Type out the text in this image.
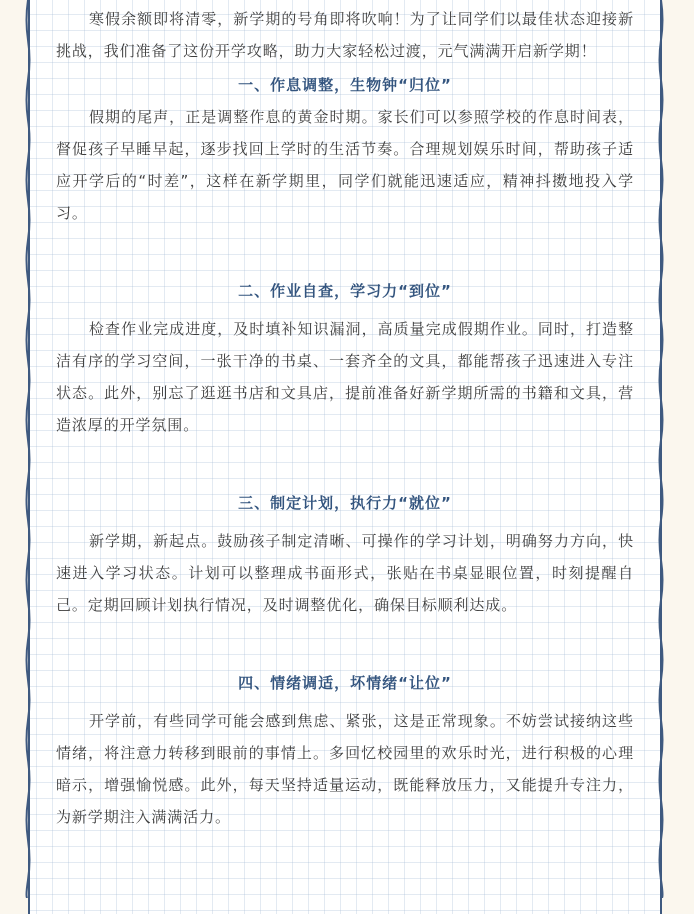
寒假余额即将清零，新学期的号角即将吹响！为了让同学们以最佳状态迎接新挑战，我们准备了这份开学攻略，助力大家轻松过渡，元气满满开启新学期！

一、作息调整，生物钟“归位”

假期的尾声，正是调整作息的黄金时期。家长们可以参照学校的作息时间表，督促孩子早睡早起，逐步找回上学时的生活节奏。合理规划娱乐时间，帮助孩子适应开学后的“时差”，这样在新学期里，同学们就能迅速适应，精神抖擞地投入学习。

二、作业自查，学习力“到位”

检查作业完成进度，及时填补知识漏洞，高质量完成假期作业。同时，打造整洁有序的学习空间，一张干净的书桌、一套齐全的文具，都能帮孩子迅速进入专注状态。此外，别忘了逛逛书店和文具店，提前准备好新学期所需的书籍和文具，营造浓厚的开学氛围。

三、制定计划，执行力“就位”

新学期，新起点。鼓励孩子制定清晰、可操作的学习计划，明确努力方向，快速进入学习状态。计划可以整理成书面形式，张贴在书桌显眼位置，时刻提醒自己。定期回顾计划执行情况，及时调整优化，确保目标顺利达成。

四、情绪调适，坏情绪“让位”

开学前，有些同学可能会感到焦虑、紧张，这是正常现象。不妨尝试接纳这些情绪，将注意力转移到眼前的事情上。多回忆校园里的欢乐时光，进行积极的心理暗示，增强愉悦感。此外，每天坚持适量运动，既能释放压力，又能提升专注力，为新学期注入满满活力。
